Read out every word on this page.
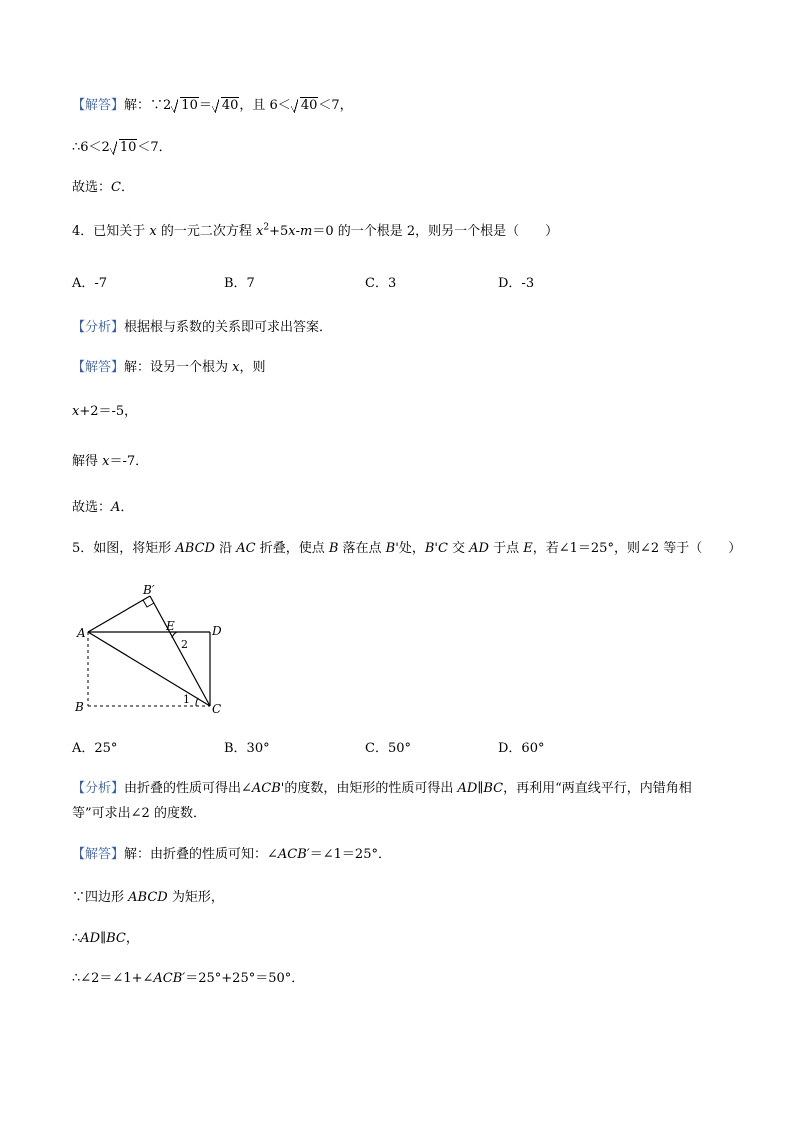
【解答】解：∵2 10＝ 40，且 6＜ 40＜7，
∴6＜2 10＜7．
故选：C．
4．已知关于 x 的一元二次方程 $x^2+5x-m=0$ 的一个根是 2，则另一个根是（　　）
A．-7	B．7	C．3	D．-3
【分析】根据根与系数的关系即可求出答案．
【解答】解：设另一个根为 x，则
x+2＝-5，
解得 x＝-7．
故选：A．
5．如图，将矩形 ABCD 沿 AC 折叠，使点 B 落在点 B'处，B'C 交 AD 于点 E，若∠1＝25°，则∠2 等于（　　）
A
B	C
D
E
B′
1
2
A．25°	B．30°	C．50°	D．60°
【分析】由折叠的性质可得出∠ACB'的度数，由矩形的性质可得出 AD∥BC，再利用“两直线平行，内错角相等”可求出∠2 的度数．
【解答】解：由折叠的性质可知：∠ACB′＝∠1＝25°．
∵四边形 ABCD 为矩形，
∴AD∥BC，
∴∠2＝∠1+∠ACB′＝25°+25°＝50°．
